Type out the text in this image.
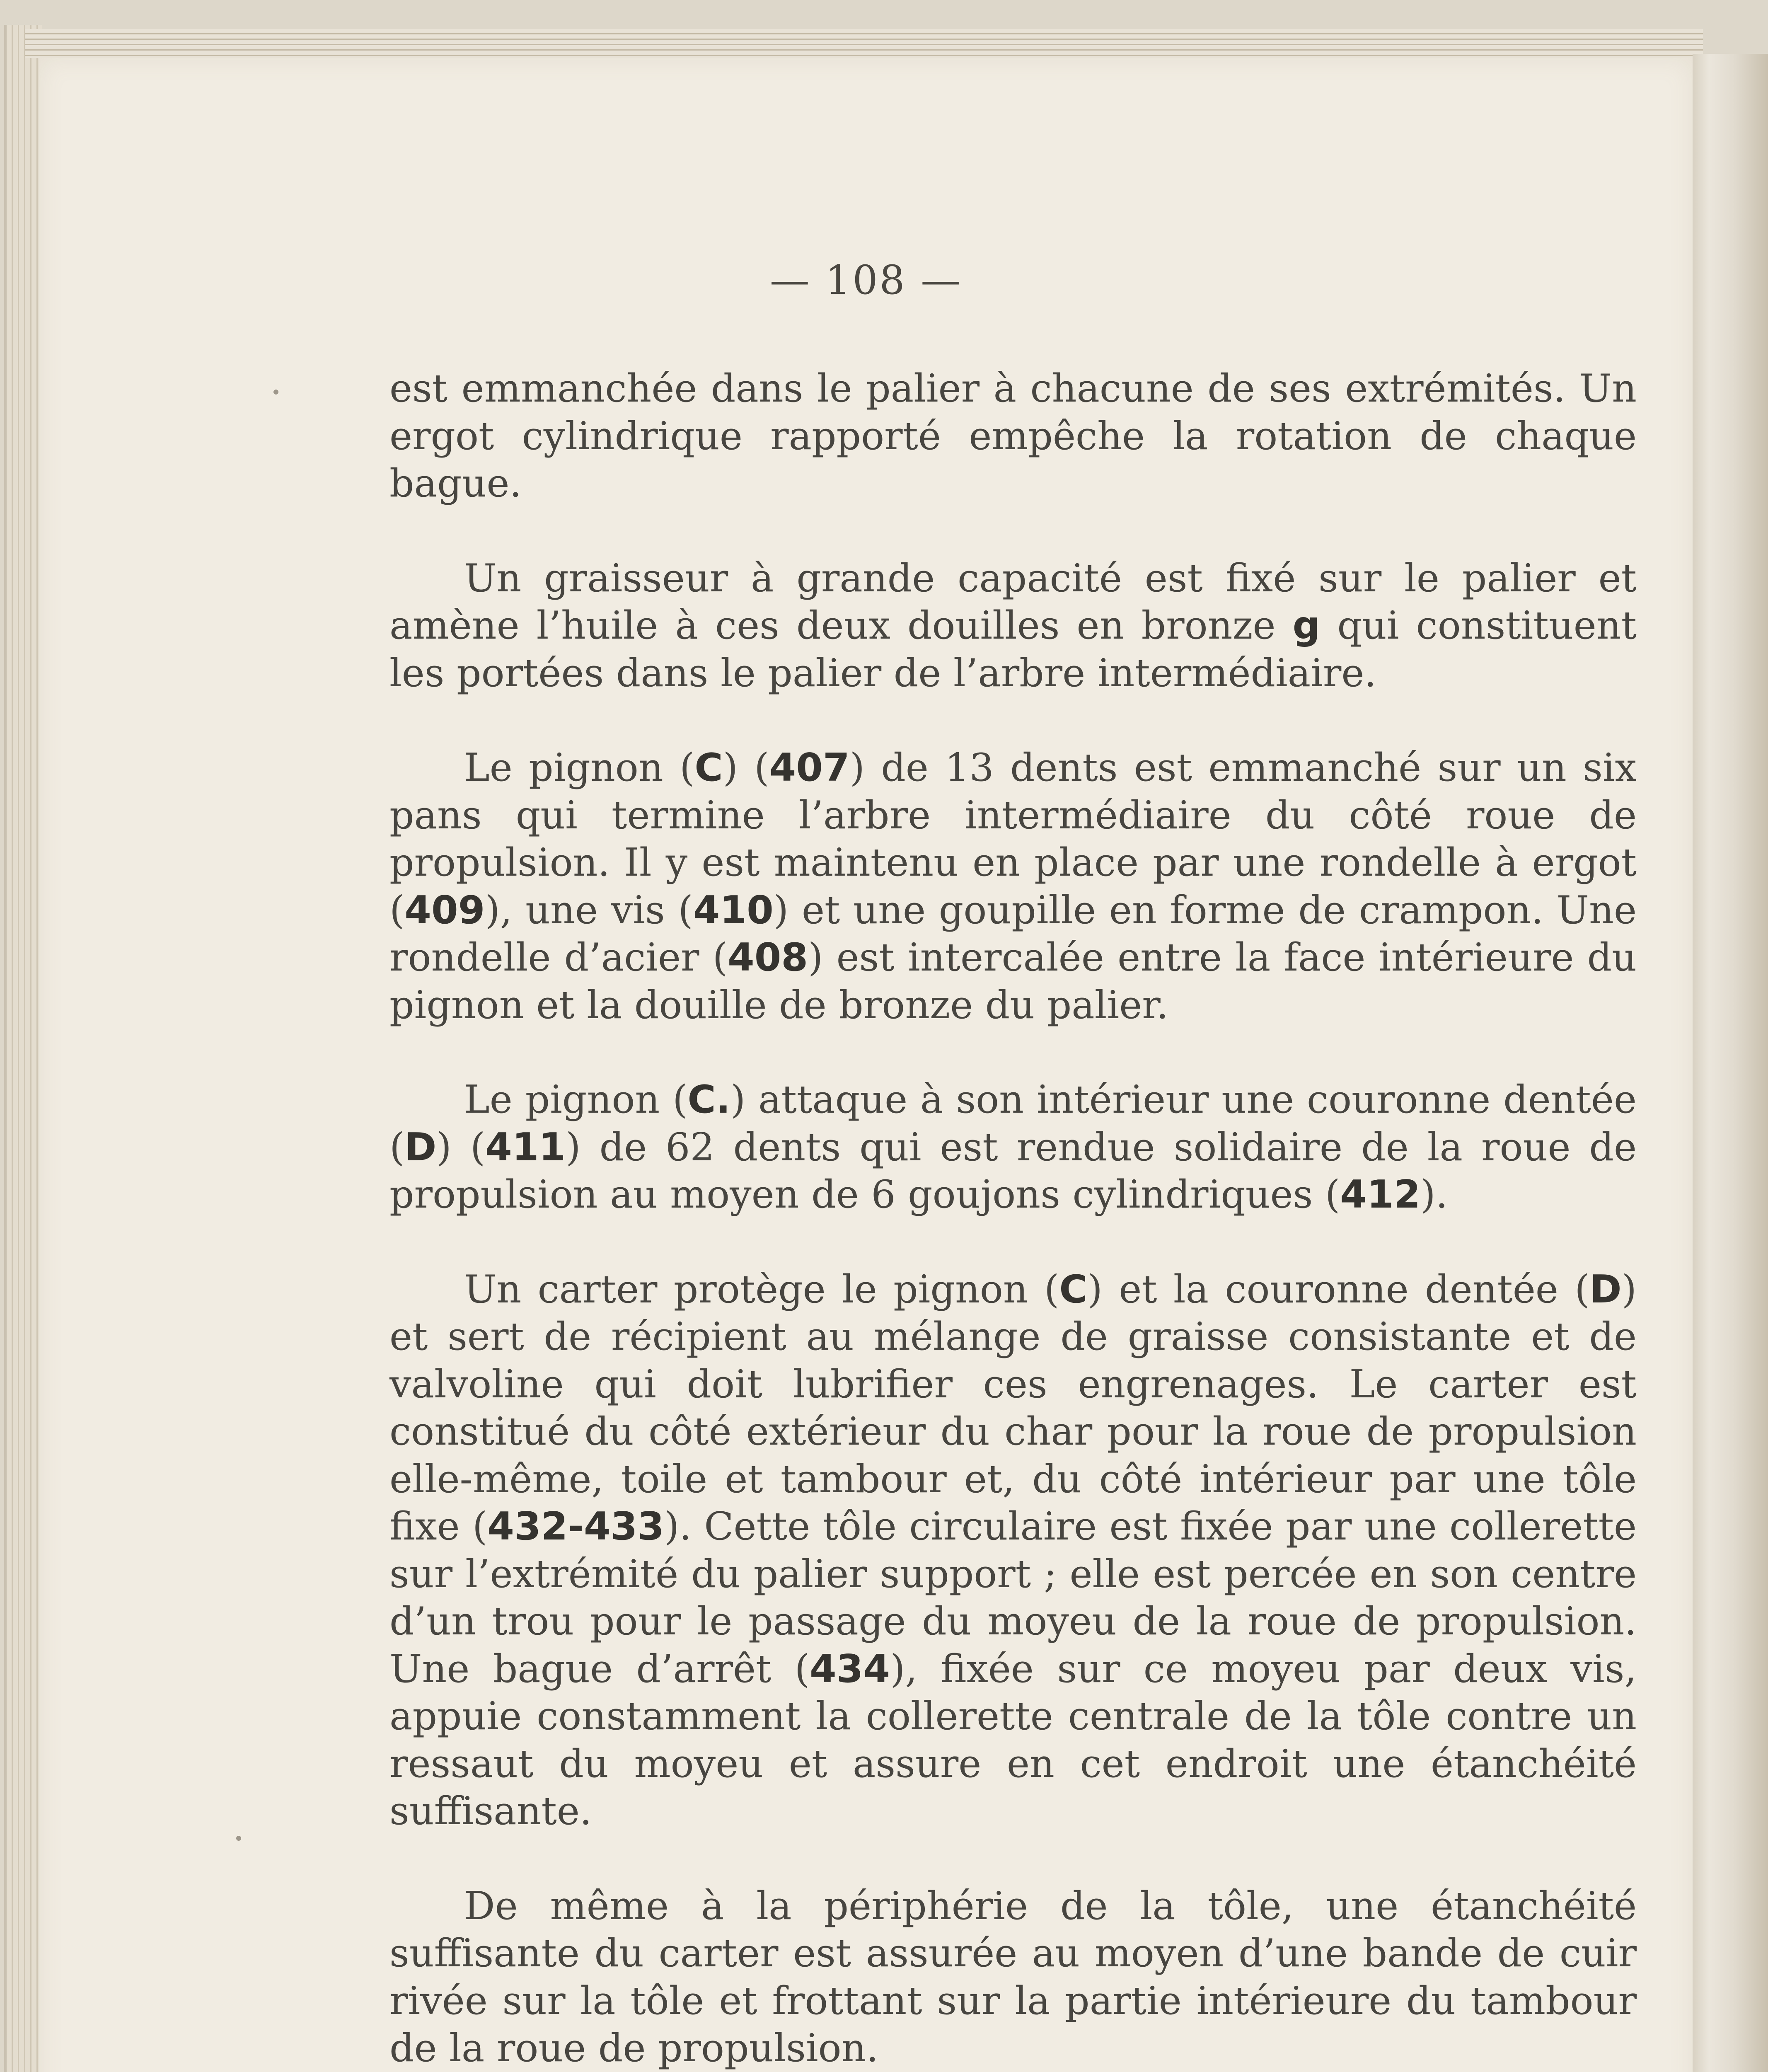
— 108 —

est emmanchée dans le palier à chacune de ses extrémités. Un ergot cylindrique rapporté empêche la rotation de chaque bague.

Un graisseur à grande capacité est fixé sur le palier et amène l’huile à ces deux douilles en bronze g qui constituent les portées dans le palier de l’arbre intermédiaire.

Le pignon (C) (407) de 13 dents est emmanché sur un six pans qui termine l’arbre intermédiaire du côté roue de propulsion. Il y est maintenu en place par une rondelle à ergot (409), une vis (410) et une goupille en forme de crampon. Une rondelle d’acier (408) est intercalée entre la face intérieure du pignon et la douille de bronze du palier.

Le pignon (C.) attaque à son intérieur une couronne dentée (D) (411) de 62 dents qui est rendue solidaire de la roue de propulsion au moyen de 6 goujons cylindriques (412).

Un carter protège le pignon (C) et la couronne dentée (D) et sert de récipient au mélange de graisse consistante et de valvoline qui doit lubrifier ces engrenages. Le carter est constitué du côté extérieur du char pour la roue de propulsion elle-même, toile et tambour et, du côté intérieur par une tôle fixe (432-433). Cette tôle circulaire est fixée par une collerette sur l’extrémité du palier support ; elle est percée en son centre d’un trou pour le passage du moyeu de la roue de propulsion. Une bague d’arrêt (434), fixée sur ce moyeu par deux vis, appuie constamment la collerette centrale de la tôle contre un ressaut du moyeu et assure en cet endroit une étanchéité suffisante.

De même à la périphérie de la tôle, une étanchéité suffisante du carter est assurée au moyen d’une bande de cuir rivée sur la tôle et frottant sur la partie intérieure du tambour de la roue de propulsion.
